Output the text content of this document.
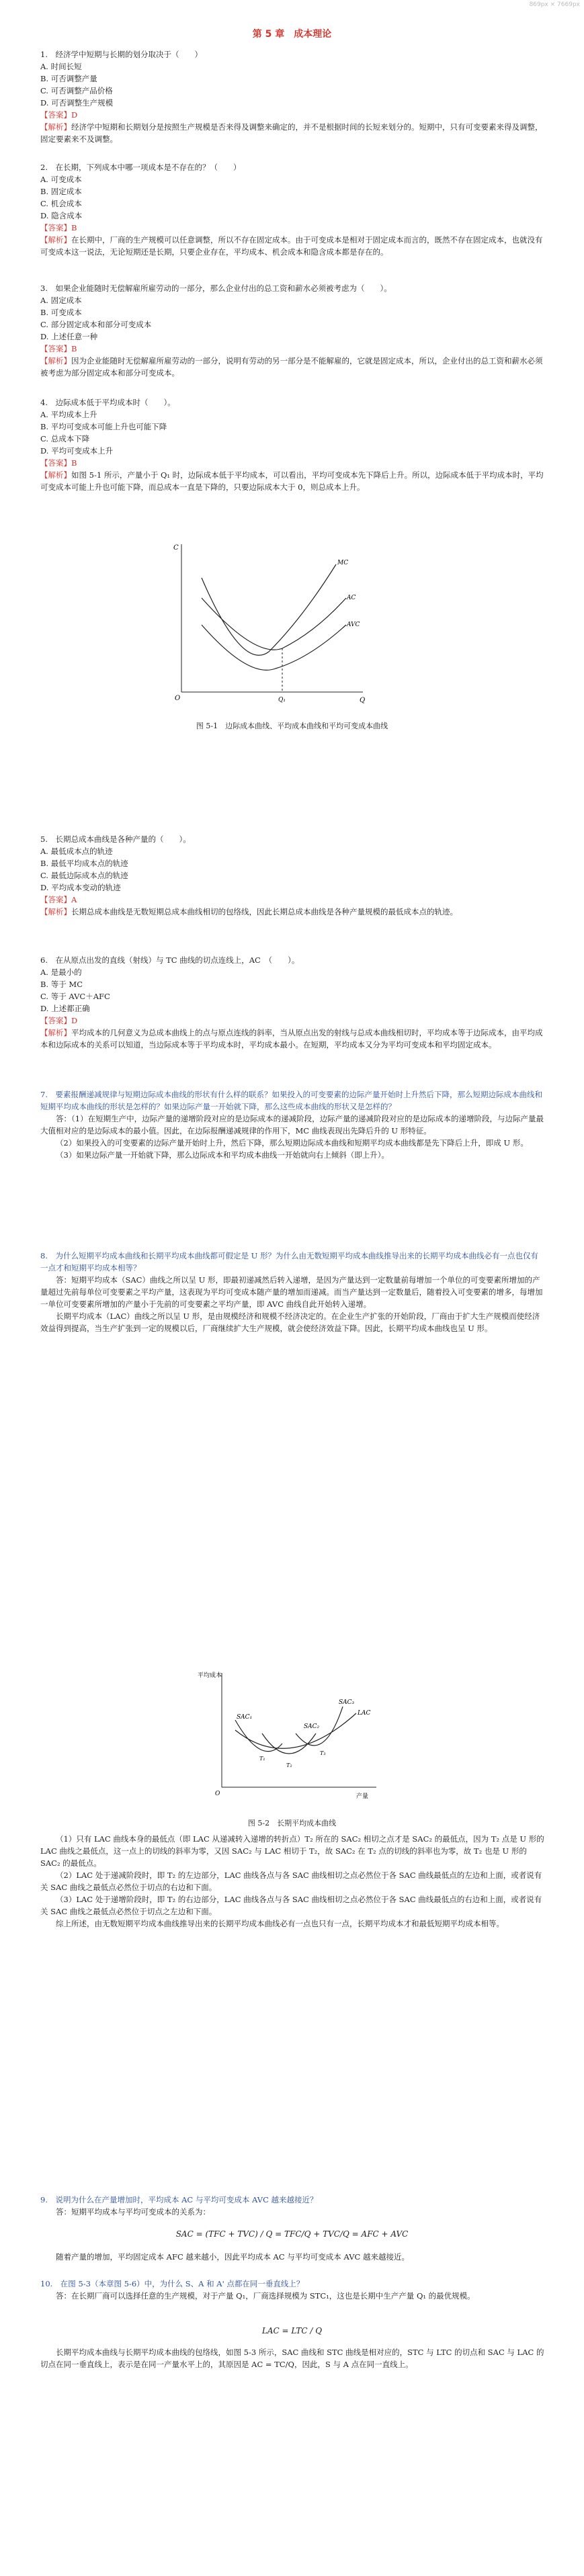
869px × 7669px
第 5 章　成本理论

1.　经济学中短期与长期的划分取决于（　　）

A. 时间长短

B. 可否调整产量

C. 可否调整产品价格

D. 可否调整生产规模

【答案】D

【解析】经济学中短期和长期划分是按照生产规模是否来得及调整来确定的，并不是根据时间的长短来划分的。短期中，只有可变要素来得及调整，固定要素来不及调整。

2.　在长期，下列成本中哪一项成本是不存在的？（　　）

A. 可变成本

B. 固定成本

C. 机会成本

D. 隐含成本

【答案】B

【解析】在长期中，厂商的生产规模可以任意调整，所以不存在固定成本。由于可变成本是相对于固定成本而言的，既然不存在固定成本，也就没有可变成本这一说法，无论短期还是长期，只要企业存在，平均成本、机会成本和隐含成本都是存在的。

3.　如果企业能随时无偿解雇所雇劳动的一部分，那么企业付出的总工资和薪水必须被考虑为（　　）。

A. 固定成本

B. 可变成本

C. 部分固定成本和部分可变成本

D. 上述任意一种

【答案】B

【解析】因为企业能随时无偿解雇所雇劳动的一部分，说明有劳动的另一部分是不能解雇的，它就是固定成本，所以，企业付出的总工资和薪水必须被考虑为部分固定成本和部分可变成本。

4.　边际成本低于平均成本时（　　）。

A. 平均成本上升

B. 平均可变成本可能上升也可能下降

C. 总成本下降

D. 平均可变成本上升

【答案】B

【解析】如图 5-1 所示，产量小于 Q₁ 时，边际成本低于平均成本，可以看出，平均可变成本先下降后上升。所以，边际成本低于平均成本时，平均可变成本可能上升也可能下降，而总成本一直是下降的，只要边际成本大于 0，则总成本上升。

C
Q
O
MC
AC
AVC
Q₁
图 5-1　边际成本曲线、平均成本曲线和平均可变成本曲线

5.　长期总成本曲线是各种产量的（　　）。

A. 最低成本点的轨迹

B. 最低平均成本点的轨迹

C. 最低边际成本点的轨迹

D. 平均成本变动的轨迹

【答案】A

【解析】长期总成本曲线是无数短期总成本曲线相切的包络线，因此长期总成本曲线是各种产量规模的最低成本点的轨迹。

6.　在从原点出发的直线（射线）与 TC 曲线的切点连线上，AC　（　　）。

A. 是最小的

B. 等于 MC

C. 等于 AVC＋AFC

D. 上述都正确

【答案】D

【解析】平均成本的几何意义为总成本曲线上的点与原点连线的斜率，当从原点出发的射线与总成本曲线相切时，平均成本等于边际成本，由平均成本和边际成本的关系可以知道，当边际成本等于平均成本时，平均成本最小。在短期，平均成本又分为平均可变成本和平均固定成本。

7.　要素报酬递减规律与短期边际成本曲线的形状有什么样的联系？如果投入的可变要素的边际产量开始时上升然后下降，那么短期边际成本曲线和短期平均成本曲线的形状是怎样的？如果边际产量一开始就下降，那么这些成本曲线的形状又是怎样的？

答：（1）在短期生产中，边际产量的递增阶段对应的是边际成本的递减阶段，边际产量的递减阶段对应的是边际成本的递增阶段，与边际产量最大值相对应的是边际成本的最小值。因此，在边际报酬递减规律的作用下，MC 曲线表现出先降后升的 U 形特征。

（2）如果投入的可变要素的边际产量开始时上升，然后下降，那么短期边际成本曲线和短期平均成本曲线都是先下降后上升，即成 U 形。

（3）如果边际产量一开始就下降，那么边际成本和平均成本曲线一开始就向右上倾斜（即上升）。

8.　为什么短期平均成本曲线和长期平均成本曲线都可假定是 U 形？为什么由无数短期平均成本曲线推导出来的长期平均成本曲线必有一点也仅有一点才和短期平均成本相等？

答：短期平均成本（SAC）曲线之所以呈 U 形，即最初递减然后转入递增，是因为产量达到一定数量前每增加一个单位的可变要素所增加的产量超过先前每单位可变要素之平均产量，这表现为平均可变成本随产量的增加而递减。而当产量达到一定数量后，随着投入可变要素的增多，每增加一单位可变要素所增加的产量小于先前的可变要素之平均产量，即 AVC 曲线自此开始转入递增。

长期平均成本（LAC）曲线之所以呈 U 形，是由规模经济和规模不经济决定的。在企业生产扩张的开始阶段，厂商由于扩大生产规模而使经济效益得到提高，当生产扩张到一定的规模以后，厂商继续扩大生产规模，就会使经济效益下降。因此，长期平均成本曲线也呈 U 形。

平均成本
产量
O
SAC₁
SAC₂
SAC₃
LAC
T₁
T₂
T₃
图 5-2　长期平均成本曲线

（1）只有 LAC 曲线本身的最低点（即 LAC 从递减转入递增的转折点）T₂ 所在的 SAC₂ 相切之点才是 SAC₂ 的最低点，因为 T₂ 点是 U 形的 LAC 曲线之最低点，这一点上的切线的斜率为零，又因 SAC₂ 与 LAC 相切于 T₂，故 SAC₂ 在 T₂ 点的切线的斜率也为零，故 T₂ 也是 U 形的 SAC₂ 的最低点。

（2）LAC 处于递减阶段时，即 T₂ 的左边部分，LAC 曲线各点与各 SAC 曲线相切之点必然位于各 SAC 曲线最低点的左边和上面，或者说有关 SAC 曲线之最低点必然位于切点的右边和下面。

（3）LAC 处于递增阶段时，即 T₂ 的右边部分，LAC 曲线各点与各 SAC 曲线相切之点必然位于各 SAC 曲线最低点的右边和上面，或者说有关 SAC 曲线之最低点必然位于切点之左边和下面。

综上所述，由无数短期平均成本曲线推导出来的长期平均成本曲线必有一点也只有一点，长期平均成本才和最低短期平均成本相等。

9.　说明为什么在产量增加时，平均成本 AC 与平均可变成本 AVC 越来越接近？

答：短期平均成本与平均可变成本的关系为：

SAC = (TFC + TVC) / Q = TFC/Q + TVC/Q = AFC + AVC

随着产量的增加，平均固定成本 AFC 越来越小，因此平均成本 AC 与平均可变成本 AVC 越来越接近。

10.　在图 5-3（本章图 5-6）中，为什么 S、A 和 A' 点都在同一垂直线上？

答：在长期厂商可以选择任意的生产规模，对于产量 Q₁，厂商选择规模为 STC₁，这也是长期中生产产量 Q₁ 的最优规模。

LAC = LTC / Q

长期平均成本曲线与长期平均成本曲线的包络线，如图 5-3 所示，SAC 曲线和 STC 曲线是相对应的，STC 与 LTC 的切点和 SAC 与 LAC 的切点在同一垂直线上，表示是在同一产量水平上的，其原因是 AC = TC/Q，因此，S 与 A 点在同一直线上。
